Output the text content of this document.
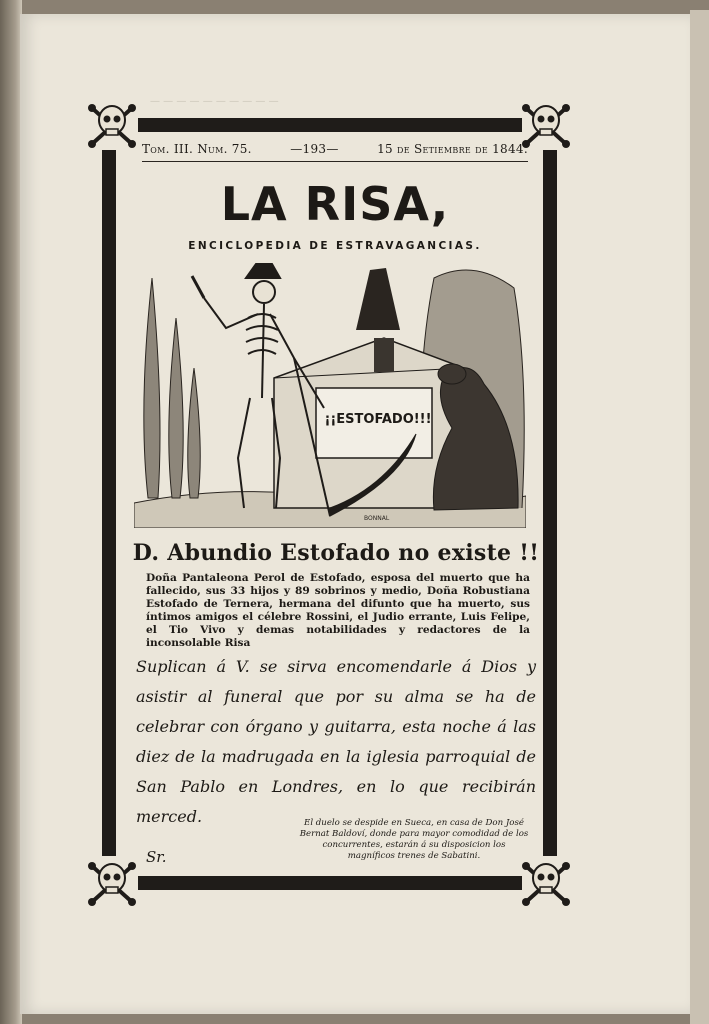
— — — — — — — — — —
Tom. III. Num. 75.	—193—	15 de Setiembre de 1844.
LA RISA,
ENCICLOPEDIA DE ESTRAVAGANCIAS.
BONNAL
¡¡ESTOFADO!!!
D. Abundio Estofado no existe !!
Doña Pantaleona Perol de Estofado, esposa del muerto que ha fallecido, sus 33 hijos y 89 sobrinos y medio, Doña Robustiana Estofado de Ternera, hermana del difunto que ha muerto, sus íntimos amigos el célebre Rossini, el Judio errante, Luis Felipe, el Tio Vivo y demas notabilidades y redactores de la inconsolable Risa
Suplican á V. se sirva encomendarle á Dios y asistir al funeral que por su alma se ha de celebrar con órgano y guitarra, esta noche á las diez de la madrugada en la iglesia parroquial de San Pablo en Londres, en lo que recibirán merced.	El duelo se despide en Sueca, en casa de Don José Bernat Baldoví, donde para mayor comodidad de los concurrentes, estarán á su disposicion los magníficos trenes de Sabatini.
Sr.
